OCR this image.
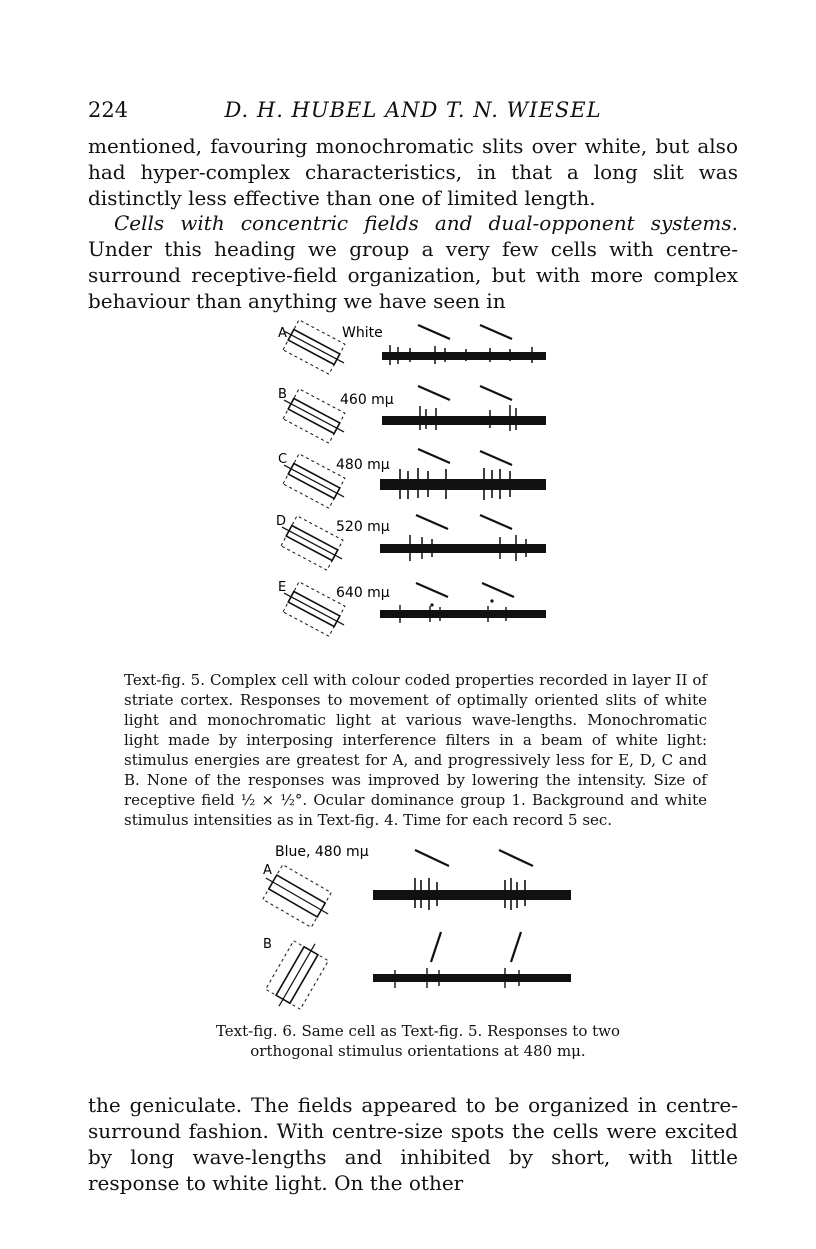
224	D. H. HUBEL AND T. N. WIESEL

mentioned, favouring monochromatic slits over white, but also had hyper-complex characteristics, in that a long slit was distinctly less effective than one of limited length.

Cells with concentric fields and dual-opponent systems. Under this heading we group a very few cells with centre-surround receptive-field organization, but with more complex behaviour than anything we have seen in

A	White
B	460 mμ
C	480 mμ
D	520 mμ
E	640 mμ

Text-fig. 5. Complex cell with colour coded properties recorded in layer II of striate cortex. Responses to movement of optimally oriented slits of white light and monochromatic light at various wave-lengths. Monochromatic light made by interposing interference filters in a beam of white light: stimulus energies are greatest for A, and progressively less for E, D, C and B. None of the responses was improved by lowering the intensity. Size of receptive field ½ × ½°. Ocular dominance group 1. Background and white stimulus intensities as in Text-fig. 4. Time for each record 5 sec.

Blue, 480 mμ
A
B

Text-fig. 6. Same cell as Text-fig. 5. Responses to two orthogonal stimulus orientations at 480 mμ.

the geniculate. The fields appeared to be organized in centre-surround fashion. With centre-size spots the cells were excited by long wave-lengths and inhibited by short, with little response to white light. On the other
